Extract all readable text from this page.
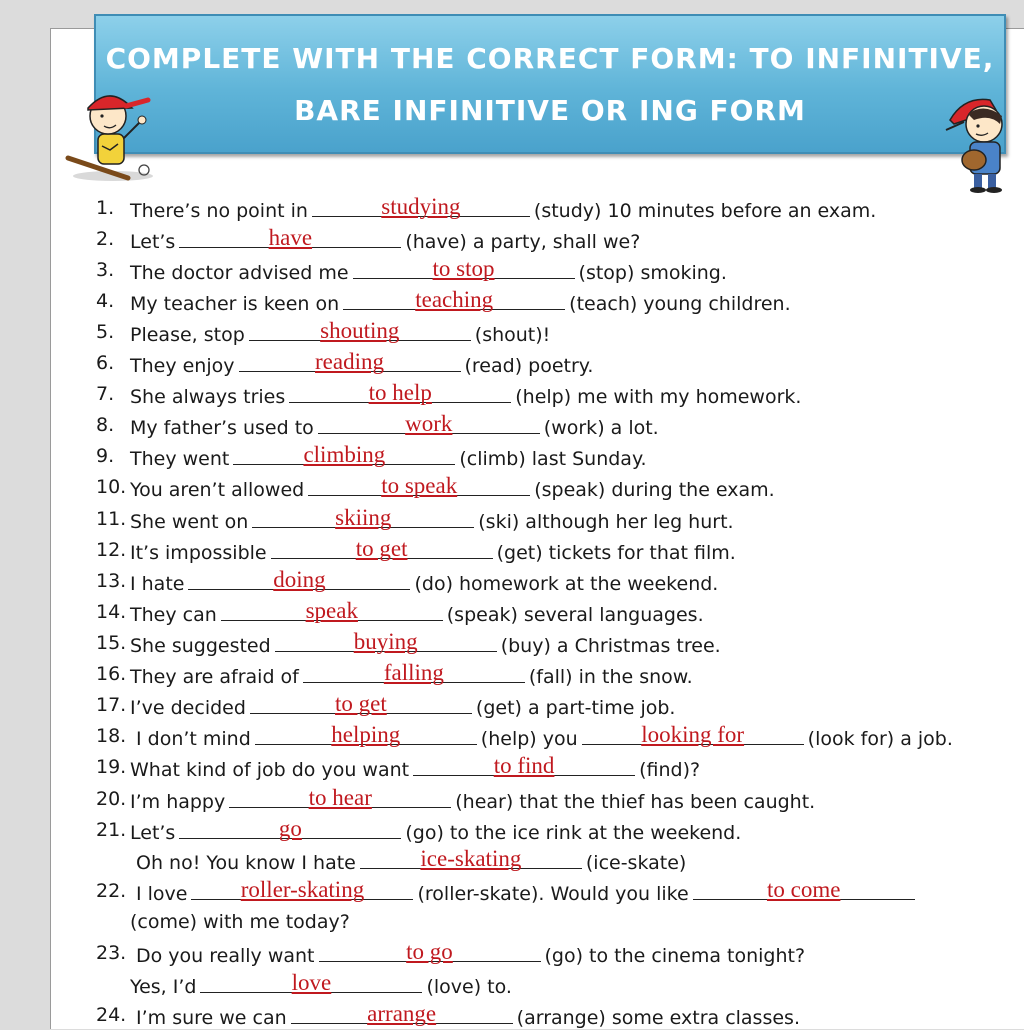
COMPLETE WITH THE CORRECT FORM: TO INFINITIVE,
BARE INFINITIVE OR ING FORM
1. There’s no point in	studying	(study) 10 minutes before an exam.
2. Let’s	have	(have) a party, shall we?
3. The doctor advised me	to stop	(stop) smoking.
4. My teacher is keen on	teaching	(teach) young children.
5. Please, stop	shouting	(shout)!
6. They enjoy	reading	(read) poetry.
7. She always tries	to help	(help) me with my homework.
8. My father’s used to	work	(work) a lot.
9. They went	climbing	(climb) last Sunday.
10. You aren’t allowed	to speak	(speak) during the exam.
11. She went on	skiing	(ski) although her leg hurt.
12. It’s impossible	to get	(get) tickets for that film.
13. I hate	doing	(do) homework at the weekend.
14. They can	speak	(speak) several languages.
15. She suggested	buying	(buy) a Christmas tree.
16. They are afraid of	falling	(fall) in the snow.
17. I’ve decided	to get	(get) a part-time job.
18. I don’t mind	helping	(help) you	looking for	(look for) a job.
19. What kind of job do you want	to find	(find)?
20. I’m happy	to hear	(hear) that the thief has been caught.
21. Let’s	go	(go) to the ice rink at the weekend.
Oh no! You know I hate	ice-skating	(ice-skate)
22. I love	roller-skating	(roller-skate). Would you like	to come
(come) with me today?
23. Do you really want	to go	(go) to the cinema tonight?
Yes, I’d	love	(love) to.
24. I’m sure we can	arrange	(arrange) some extra classes.
